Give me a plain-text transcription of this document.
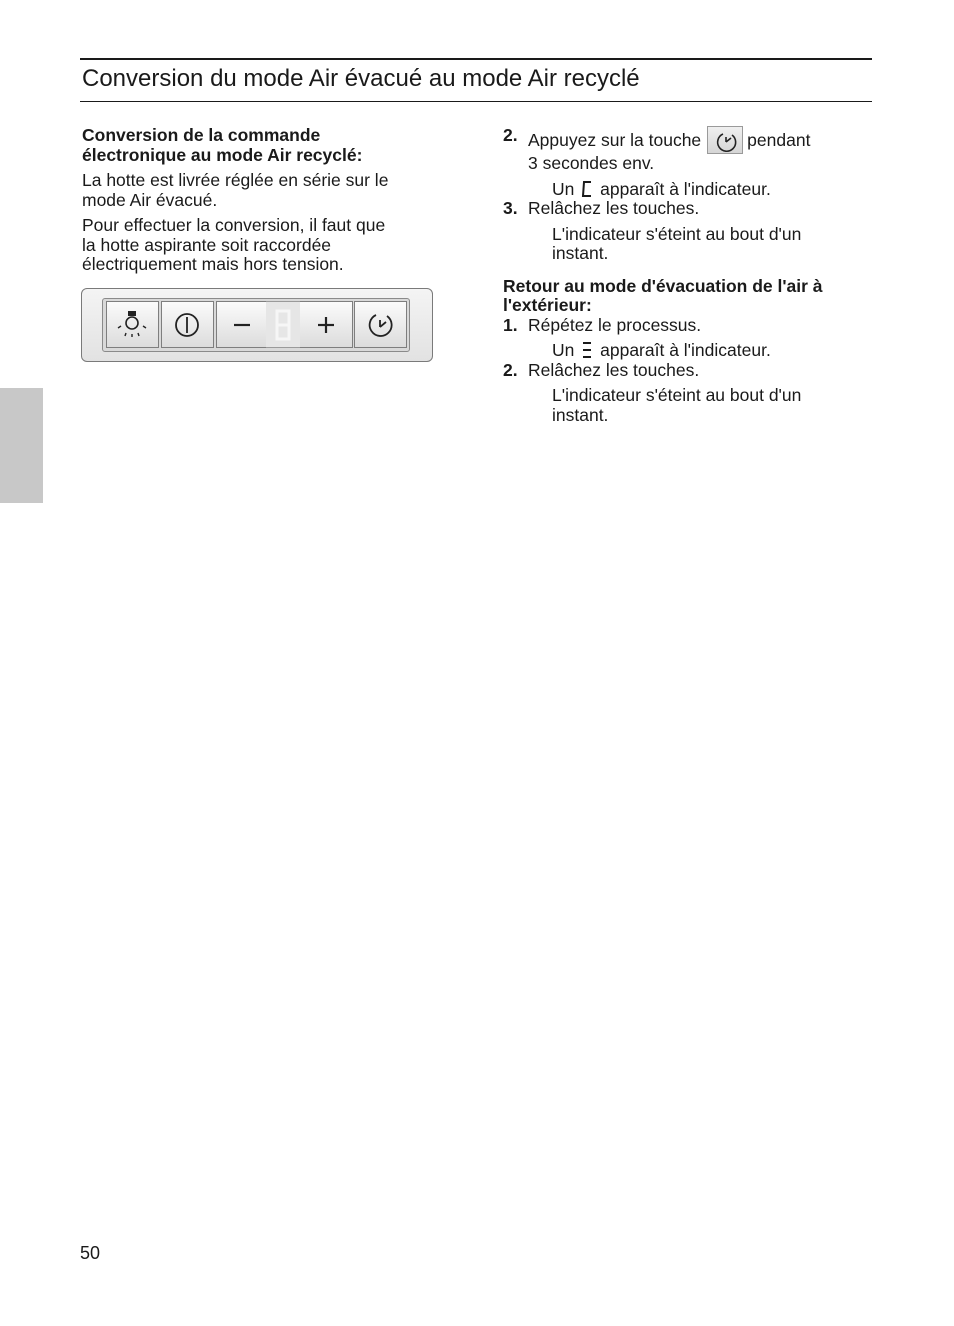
Conversion du mode Air évacué au mode Air recyclé

Conversion de la commande
électronique au mode Air recyclé:

La hotte est livrée réglée en série sur le
mode Air évacué.

Pour effectuer la conversion, il faut que
la hotte aspirante soit raccordée
électriquement mais hors tension.

2. Appuyez sur la touche	pendant
3 secondes env.

Un apparaît à l'indicateur.

3. Relâchez les touches.

L'indicateur s'éteint au bout d'un
instant.

Retour au mode d'évacuation de l'air à
l'extérieur:

1. Répétez le processus.

Un apparaît à l'indicateur.

2. Relâchez les touches.

L'indicateur s'éteint au bout d'un
instant.

50
